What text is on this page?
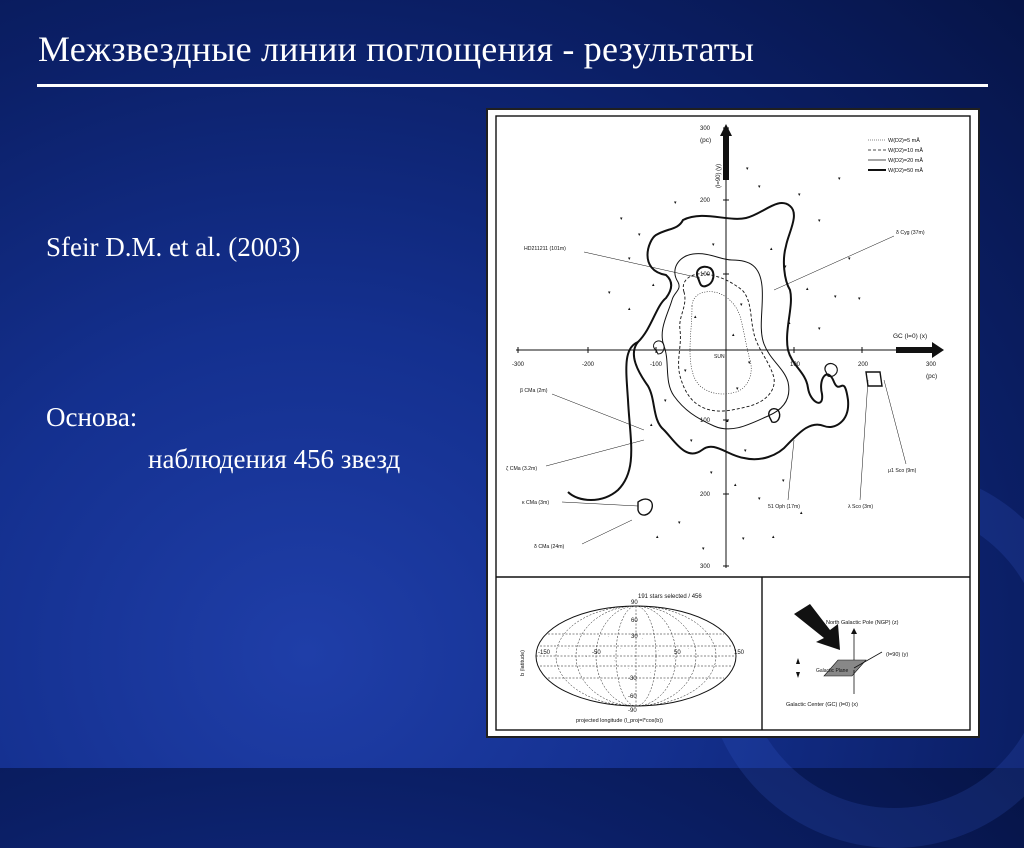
Межзвездные линии поглощения - результаты
Sfeir D.M. et al. (2003)
Основа:
наблюдения 456 звезд
-300	-200	-100	100	200	300
300
200
100
100
200
300
(pc)
(l=90) (y)
GC (l=0) (x)
(pc)
SUN
W(D2)=5 mÅ
W(D2)=10 mÅ
W(D2)=20 mÅ
W(D2)=50 mÅ
▾
▾
▾
▴
▾
▾
▾
▾
▾
▾
▾
▾
▴
▾	▾
▾
▴
▾
▴
▾
▾
▾
▴
▾
▾
▴
▾
▾
▴
▾
▴
▾
▾	▴
▴
▴
▾
▴
▾
▾
▴
▾
HD211211 (101m)
δ Cyg (37m)
β CMa (2m)
ζ CMa (3.2m)
κ CMa (3m)
δ CMa (24m)
51 Oph (17m)	λ Sco (3m)
μ1 Sco (9m)
191 stars selected / 456
·
·	·
·	·
·
·	·
·
·
·
·
·
·
·
·
·
·
90
60
30
-30
-60
-90
-150	-50	50	150
b (latitude)
projected longitude (l_proj=l*cos(b))
North Galactic Pole (NGP) (z)
Galactic Plane
(l=90) (y)
Galactic Center (GC) (l=0) (x)
